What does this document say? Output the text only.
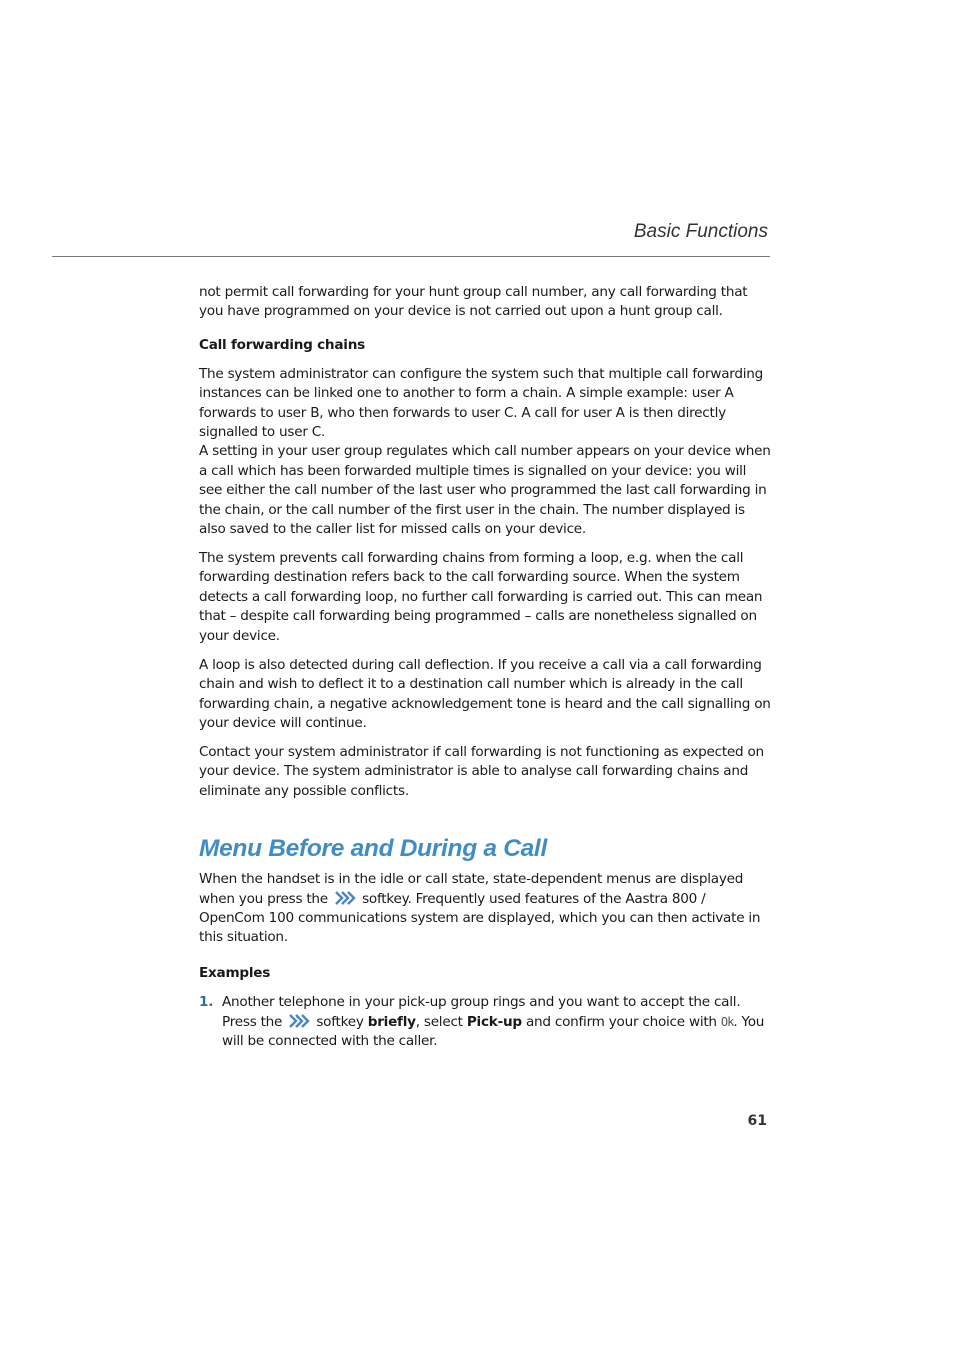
Basic Functions

not permit call forwarding for your hunt group call number, any call forwarding that you have programmed on your device is not carried out upon a hunt group call.

Call forwarding chains

The system administrator can configure the system such that multiple call forwarding instances can be linked one to another to form a chain. A simple example: user A forwards to user B, who then forwards to user C. A call for user A is then directly signalled to user C.

A setting in your user group regulates which call number appears on your device when a call which has been forwarded multiple times is signalled on your device: you will see either the call number of the last user who programmed the last call forwarding in the chain, or the call number of the first user in the chain. The number displayed is also saved to the caller list for missed calls on your device.

The system prevents call forwarding chains from forming a loop, e.g. when the call forwarding destination refers back to the call forwarding source. When the system detects a call forwarding loop, no further call forwarding is carried out. This can mean that – despite call forwarding being programmed – calls are nonetheless signalled on your device.

A loop is also detected during call deflection. If you receive a call via a call forwarding chain and wish to deflect it to a destination call number which is already in the call forwarding chain, a negative acknowledgement tone is heard and the call signalling on your device will continue.

Contact your system administrator if call forwarding is not functioning as expected on your device. The system administrator is able to analyse call forwarding chains and eliminate any possible conflicts.

Menu Before and During a Call

When the handset is in the idle or call state, state-dependent menus are displayed when you press the	softkey. Frequently used features of the Aastra 800 / OpenCom 100 communications system are displayed, which you can then activate in this situation.

Examples

1. Another telephone in your pick-up group rings and you want to accept the call. Press the	softkey briefly, select Pick-up and confirm your choice with Ok. You will be connected with the caller.
61
